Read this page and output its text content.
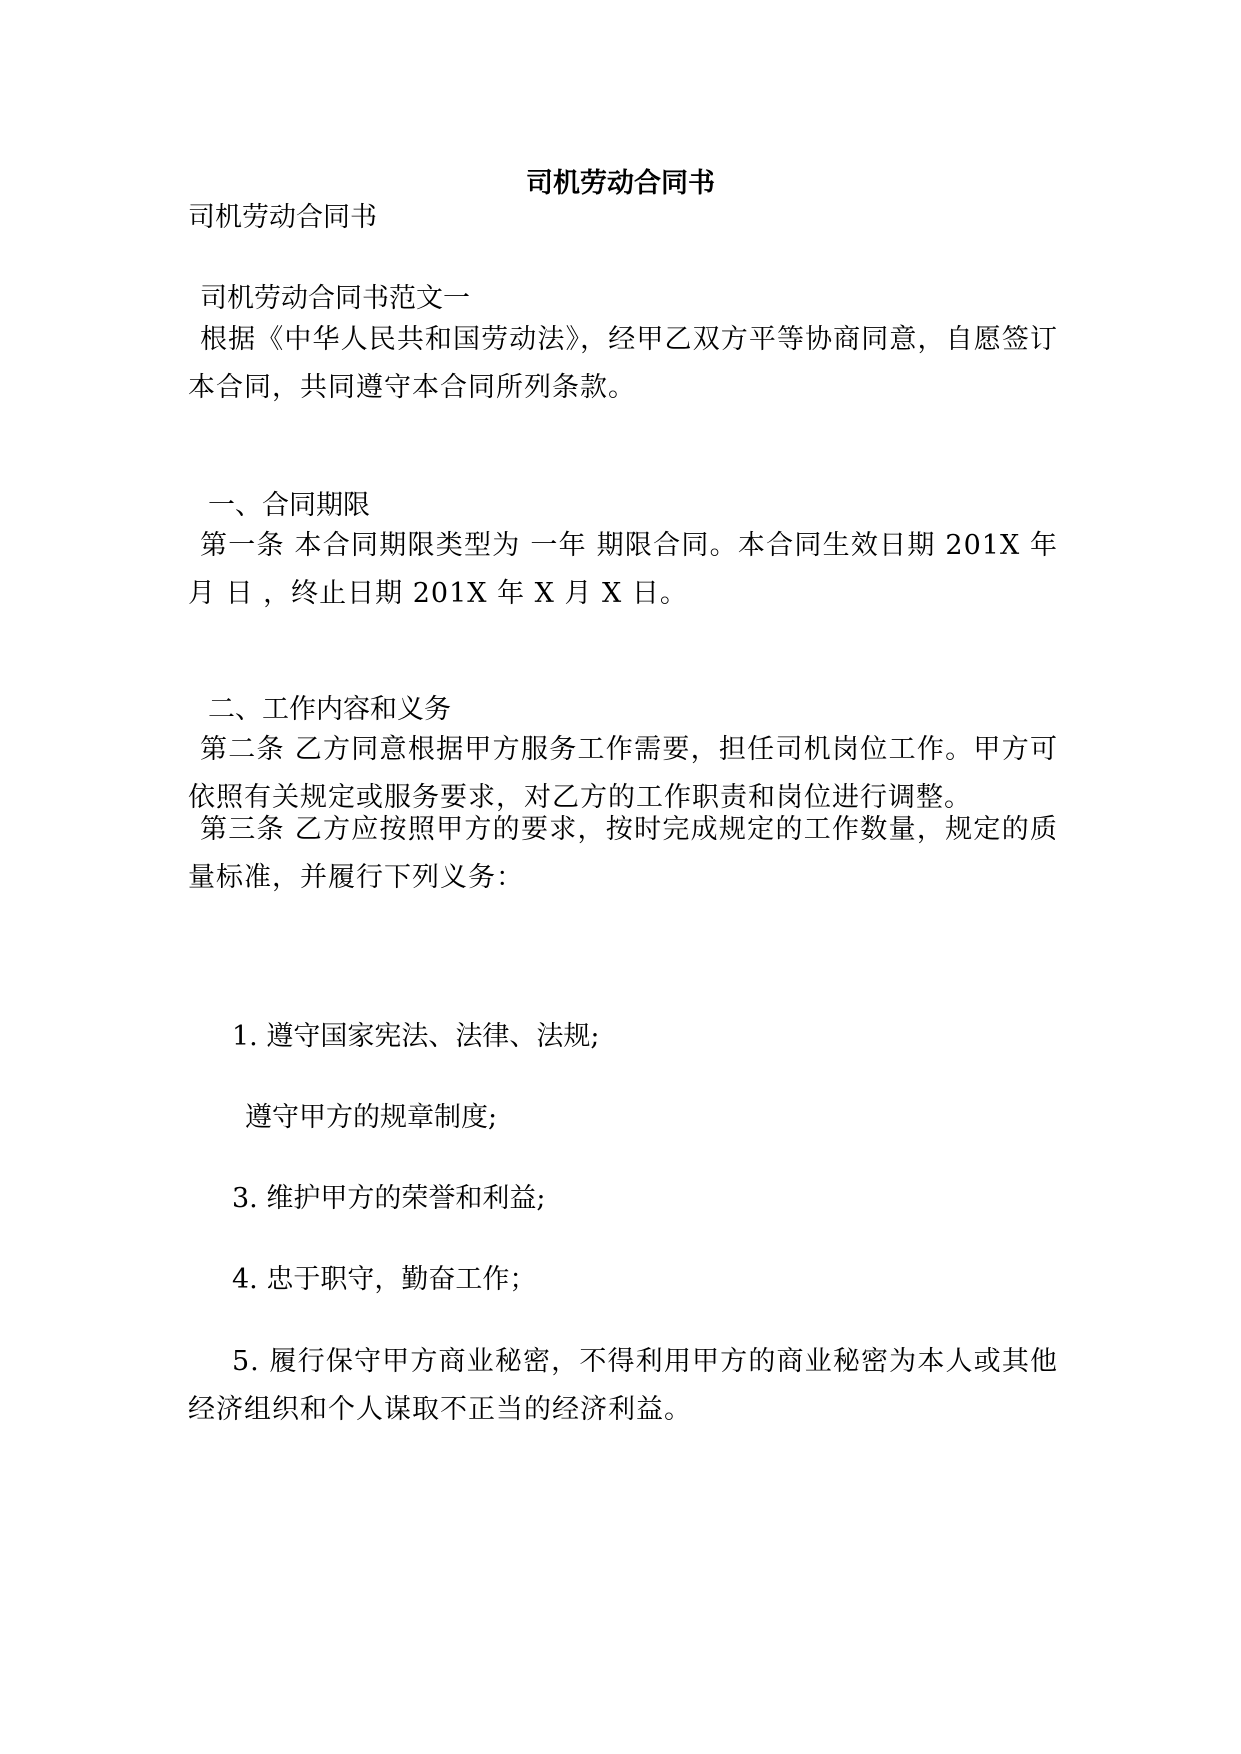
司机劳动合同书

司机劳动合同书

司机劳动合同书范文一

根据《中华人民共和国劳动法》，经甲乙双方平等协商同意，自愿签订本合同，共同遵守本合同所列条款。

一、合同期限

第一条 本合同期限类型为 一年 期限合同。本合同生效日期 201X 年 月 日 ，终止日期 201X 年 X 月 X 日。

二、工作内容和义务

第二条 乙方同意根据甲方服务工作需要，担任司机岗位工作。甲方可依照有关规定或服务要求，对乙方的工作职责和岗位进行调整。

第三条 乙方应按照甲方的要求，按时完成规定的工作数量，规定的质量标准，并履行下列义务：

1. 遵守国家宪法、法律、法规;

遵守甲方的规章制度;

3. 维护甲方的荣誉和利益;

4. 忠于职守，勤奋工作；

5. 履行保守甲方商业秘密，不得利用甲方的商业秘密为本人或其他经济组织和个人谋取不正当的经济利益。
